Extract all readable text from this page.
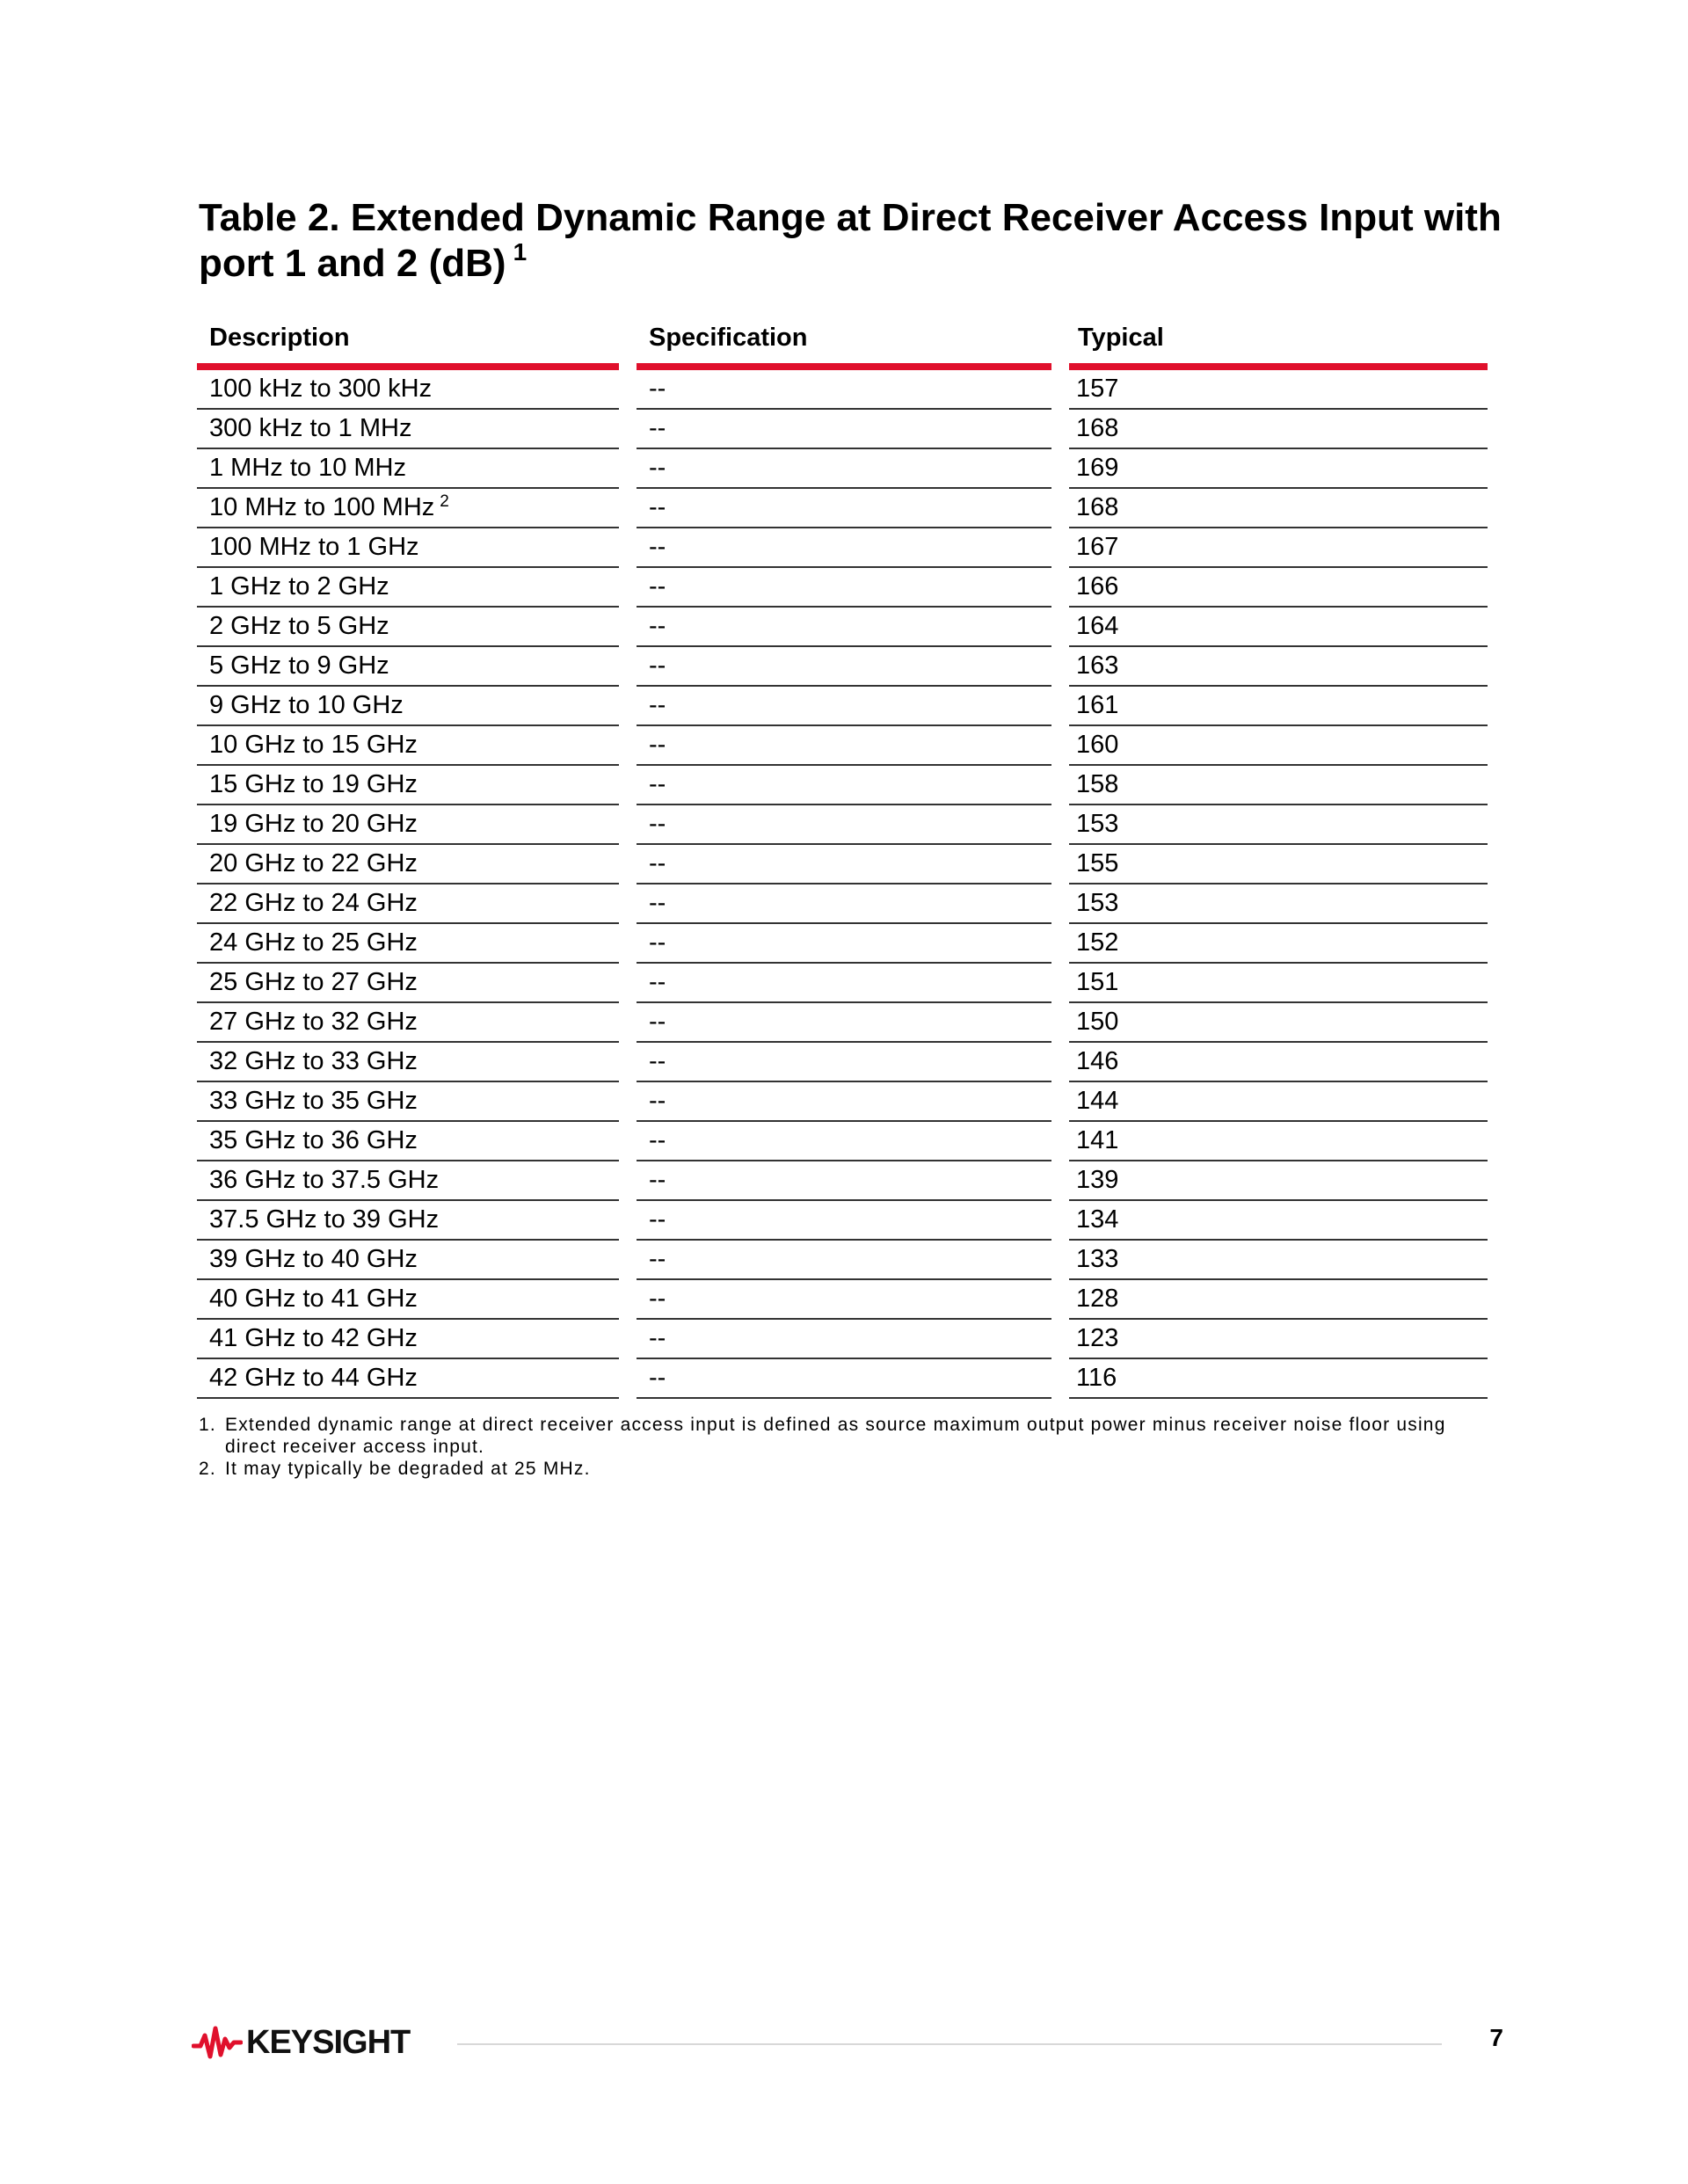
Table 2. Extended Dynamic Range at Direct Receiver Access Input with port 1 and 2 (dB) $^1$
Description		Specification		Typical
100 kHz to 300 kHz		--		157
300 kHz to 1 MHz		--		168
1 MHz to 10 MHz		--		169
10 MHz to 100 MHz $^2$		--		168
100 MHz to 1 GHz		--		167
1 GHz to 2 GHz		--		166
2 GHz to 5 GHz		--		164
5 GHz to 9 GHz		--		163
9 GHz to 10 GHz		--		161
10 GHz to 15 GHz		--		160
15 GHz to 19 GHz		--		158
19 GHz to 20 GHz		--		153
20 GHz to 22 GHz		--		155
22 GHz to 24 GHz		--		153
24 GHz to 25 GHz		--		152
25 GHz to 27 GHz		--		151
27 GHz to 32 GHz		--		150
32 GHz to 33 GHz		--		146
33 GHz to 35 GHz		--		144
35 GHz to 36 GHz		--		141
36 GHz to 37.5 GHz		--		139
37.5 GHz to 39 GHz		--		134
39 GHz to 40 GHz		--		133
40 GHz to 41 GHz		--		128
41 GHz to 42 GHz		--		123
42 GHz to 44 GHz		--		116
1. Extended dynamic range at direct receiver access input is defined as source maximum output power minus receiver noise floor using direct receiver access input.
2. It may typically be degraded at 25 MHz.
KEYSIGHT	7
